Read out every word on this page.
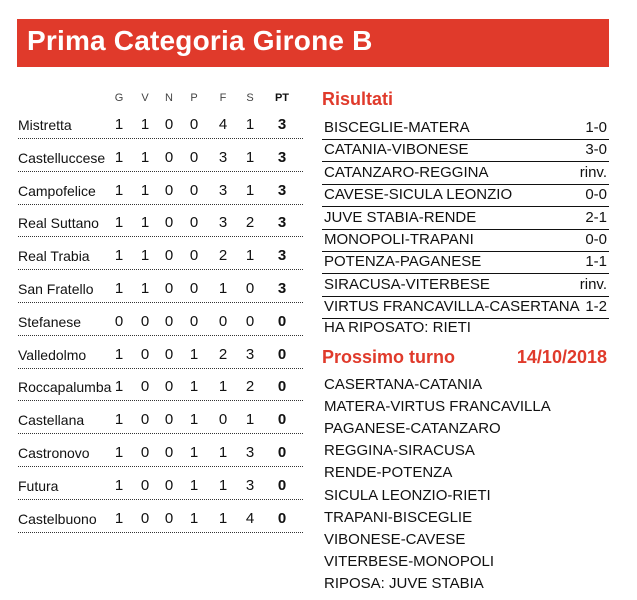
Prima Categoria Girone B
G	V	N	P	F	S	PT
Mistretta	1	1	0	0	4	1	3
Castelluccese 1	1	0	0	3	1	3
Campofelice	1	1	0	0	3	1	3
Real Suttano	1	1	0	0	3	2	3
Real Trabia	1	1	0	0	2	1	3
San Fratello	1	1	0	0	1	0	3
Stefanese	0	0	0	0	0	0	0
Valledolmo	1	0	0	1	2	3	0
Roccapalumba 1	0	0	1	1	2	0
Castellana	1	0	0	1	0	1	0
Castronovo	1	0	0	1	1	3	0
Futura	1	0	0	1	1	3	0
Castelbuono	1	0	0	1	1	4	0
Risultati
BISCEGLIE-MATERA	1-0
CATANIA-VIBONESE	3-0
CATANZARO-REGGINA	rinv.
CAVESE-SICULA LEONZIO	0-0
JUVE STABIA-RENDE	2-1
MONOPOLI-TRAPANI	0-0
POTENZA-PAGANESE	1-1
SIRACUSA-VITERBESE	rinv.
VIRTUS FRANCAVILLA-CASERTANA 1-2
HA RIPOSATO: RIETI
Prossimo turno	14/10/2018
CASERTANA-CATANIA
MATERA-VIRTUS FRANCAVILLA
PAGANESE-CATANZARO
REGGINA-SIRACUSA
RENDE-POTENZA
SICULA LEONZIO-RIETI
TRAPANI-BISCEGLIE
VIBONESE-CAVESE
VITERBESE-MONOPOLI
RIPOSA: JUVE STABIA
